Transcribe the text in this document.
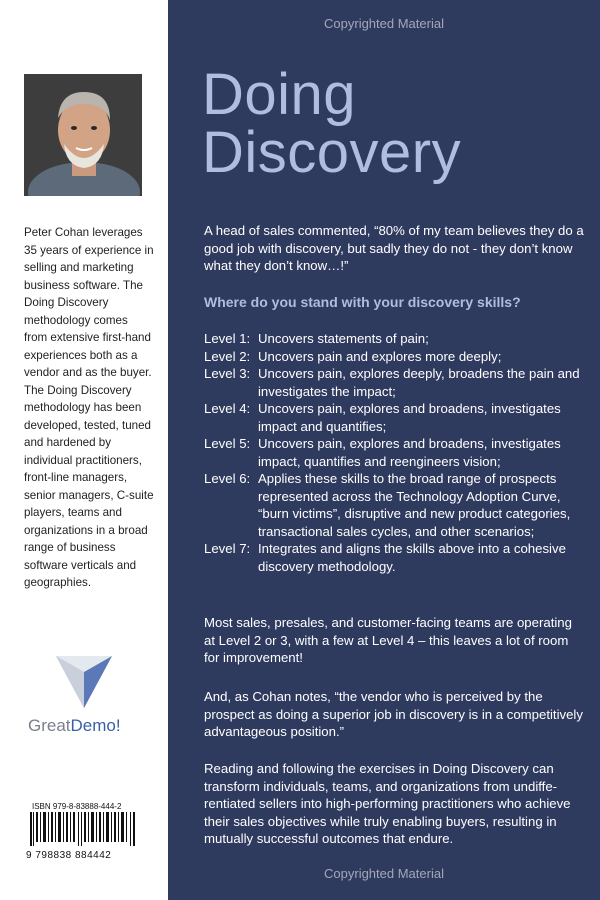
Peter Cohan leverages 35 years of experience in selling and marketing business software. The Doing Discovery methodology comes from extensive first-hand experiences both as a vendor and as the buyer. The Doing Discovery methodology has been developed, tested, tuned and hardened by individual practitioners, front-line managers, senior managers, C-suite players, teams and organizations in a broad range of business software verticals and geographies.
GreatDemo!
ISBN 979-8-83888-444-2
9 798838 884442
Copyrighted Material
Doing
Discovery
A head of sales commented, “80% of my team believes they do a good job with discovery, but sadly they do not - they don’t know what they don’t know…!”
Where do you stand with your discovery skills?
Level 1: Uncovers statements of pain;
Level 2: Uncovers pain and explores more deeply;
Level 3: Uncovers pain, explores deeply, broadens the pain and investigates the impact;
Level 4: Uncovers pain, explores and broadens, investigates impact and quantifies;
Level 5: Uncovers pain, explores and broadens, investigates impact, quantifies and reengineers vision;
Level 6: Applies these skills to the broad range of prospects represented across the Technology Adoption Curve, “burn victims”, disruptive and new product categories, transactional sales cycles, and other scenarios;
Level 7: Integrates and aligns the skills above into a cohesive discovery methodology.
Most sales, presales, and customer-facing teams are operating at Level 2 or 3, with a few at Level 4 – this leaves a lot of room for improvement!
And, as Cohan notes, “the vendor who is perceived by the prospect as doing a superior job in discovery is in a competitively advantageous position.”
Reading and following the exercises in Doing Discovery can transform individuals, teams, and organizations from undiffe-rentiated sellers into high-performing practitioners who achieve their sales objectives while truly enabling buyers, resulting in mutually successful outcomes that endure.
Copyrighted Material
